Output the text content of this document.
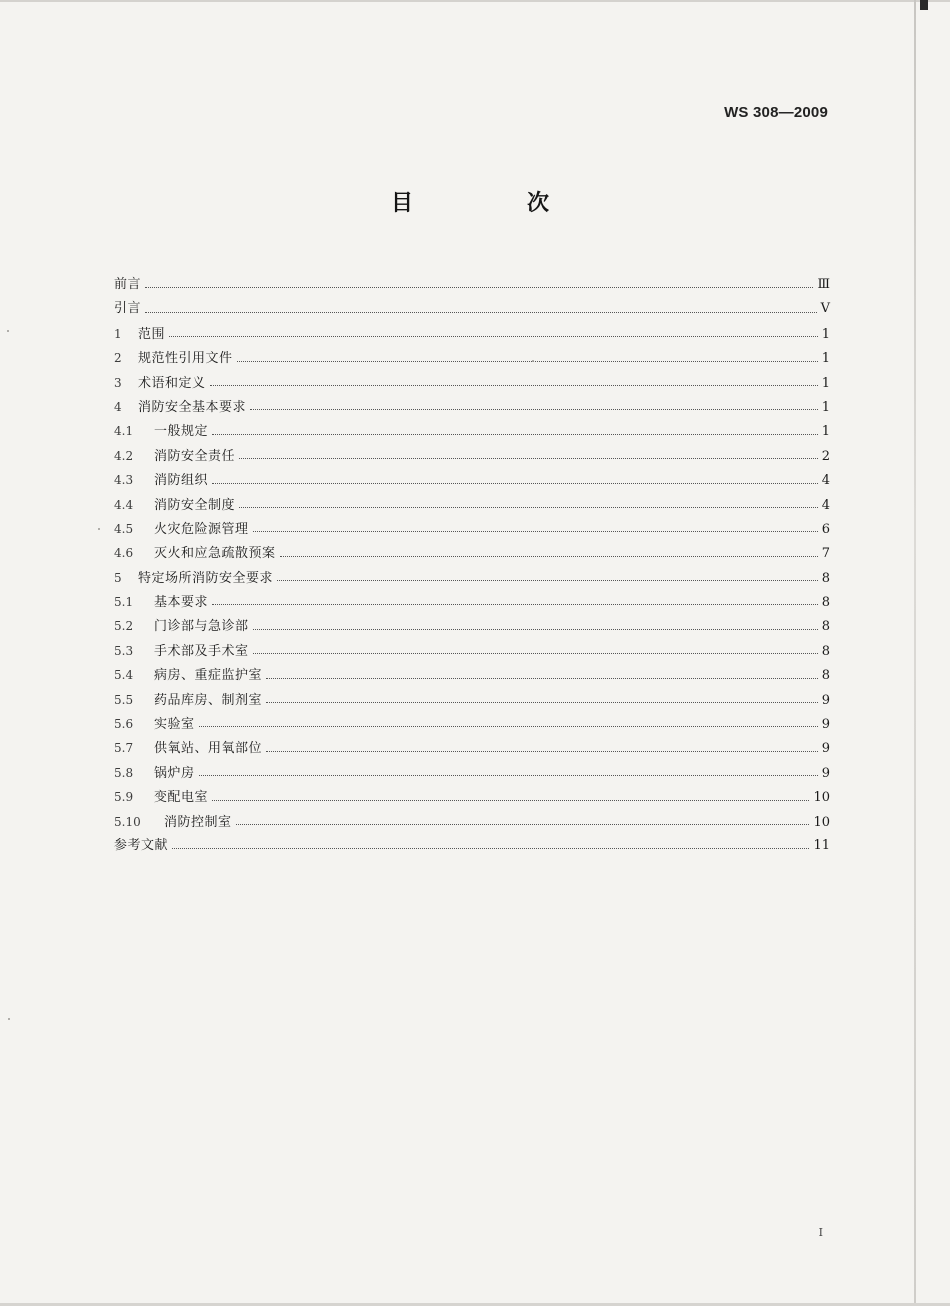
WS 308—2009
目　次
前言	Ⅲ
引言	Ⅴ
1	范围	1
2	规范性引用文件	1
3	术语和定义	1
4	消防安全基本要求	1
4.1	一般规定	1
4.2	消防安全责任	2
4.3	消防组织	4
4.4	消防安全制度	4
4.5	火灾危险源管理	6
4.6	灭火和应急疏散预案	7
5	特定场所消防安全要求	8
5.1	基本要求	8
5.2	门诊部与急诊部	8
5.3	手术部及手术室	8
5.4	病房、重症监护室	8
5.5	药品库房、制剂室	9
5.6	实验室	9
5.7	供氧站、用氧部位	9
5.8	锅炉房	9
5.9	变配电室	10
5.10	消防控制室	10
参考文献	11
I
